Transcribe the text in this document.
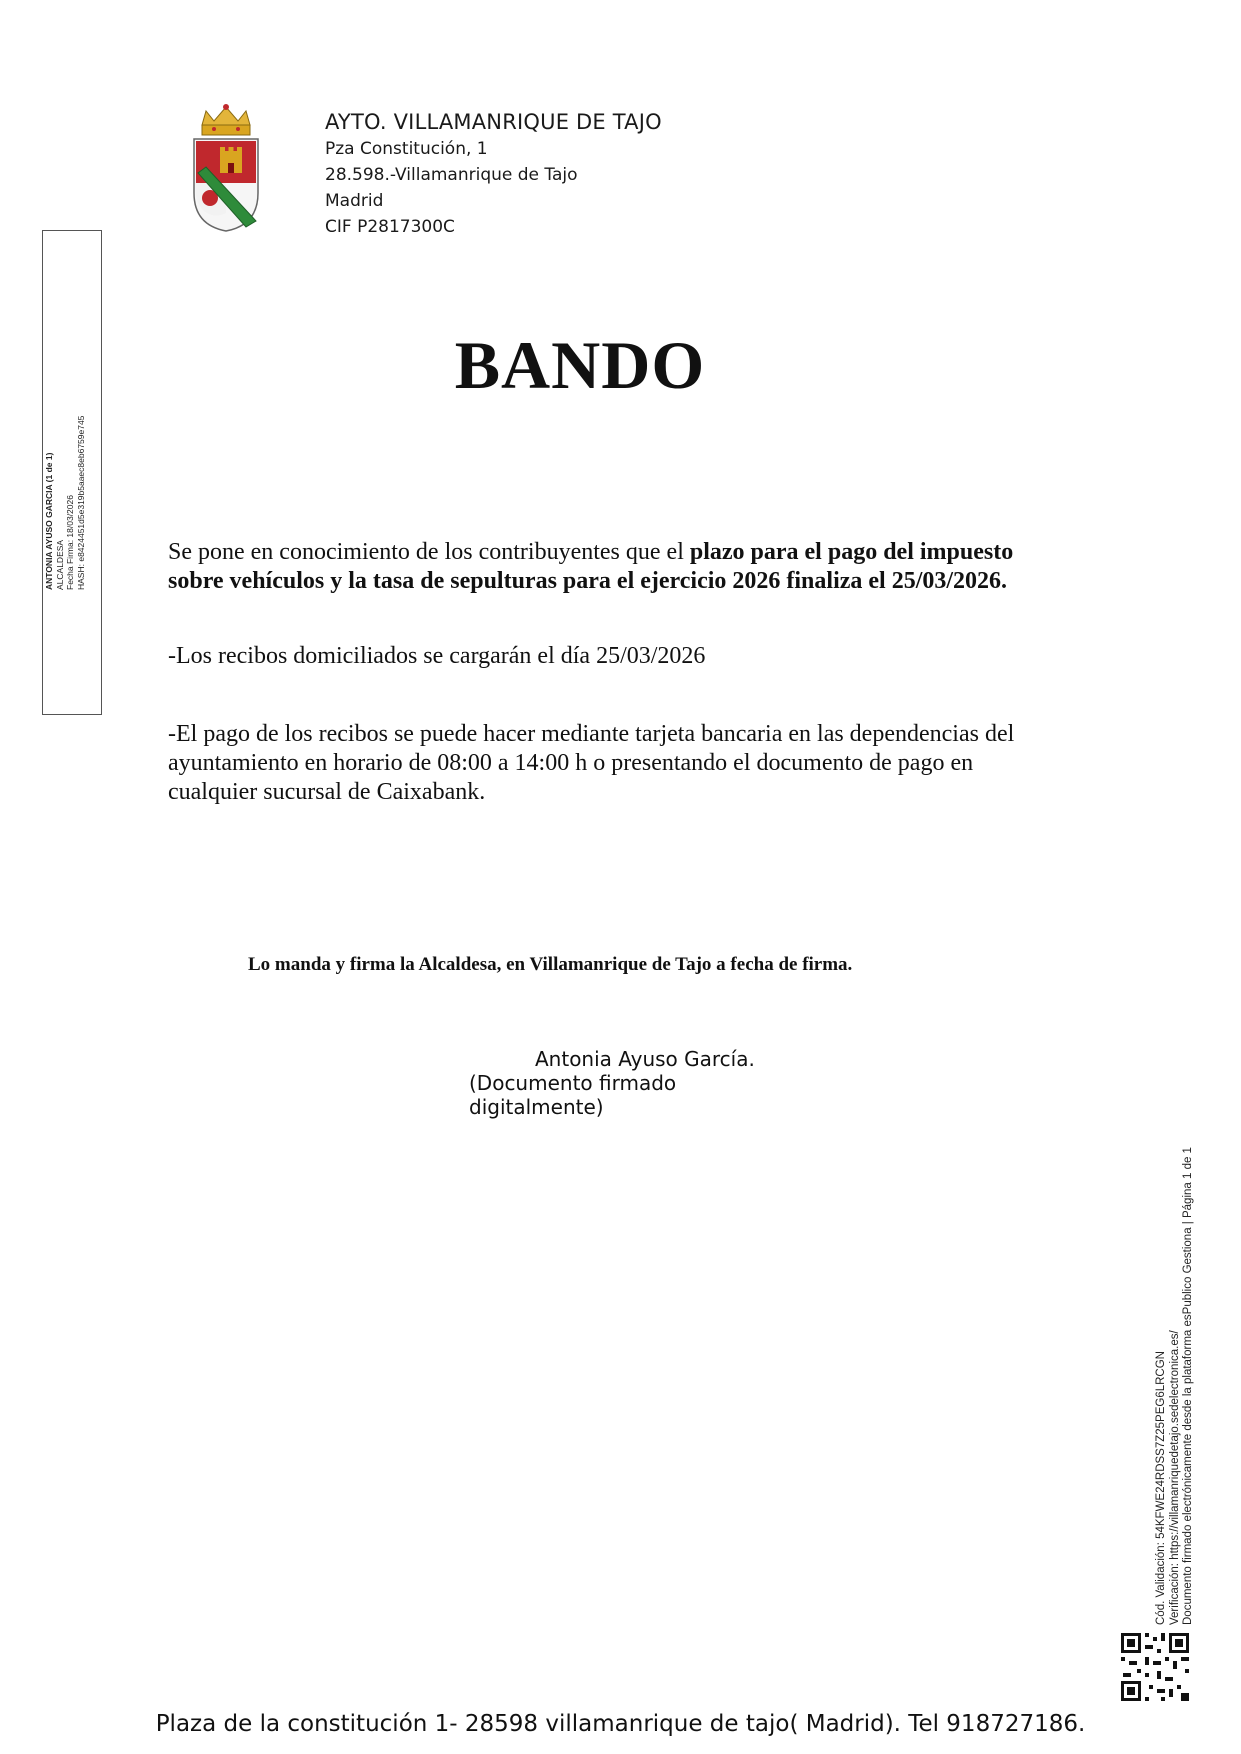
AYTO. VILLAMANRIQUE DE TAJO
Pza Constitución, 1
28.598.-Villamanrique de Tajo
Madrid
CIF P2817300C
ANTONIA AYUSO GARCIA (1 de 1) ALCALDESA Fecha Firma: 18/03/2026 HASH: e8424451d5e319b5aaec8eb6759e745
BANDO
Se pone en conocimiento de los contribuyentes que el plazo para el pago del impuesto sobre vehículos y la tasa de sepulturas para el ejercicio 2026 finaliza el 25/03/2026.
-Los recibos domiciliados se cargarán el día 25/03/2026
-El pago de los recibos se puede hacer mediante tarjeta bancaria en las dependencias del ayuntamiento en horario de 08:00 a 14:00 h o presentando el documento de pago en cualquier sucursal de Caixabank.
Lo manda y firma la Alcaldesa, en Villamanrique de Tajo a fecha de firma.
Antonia Ayuso García.
(Documento firmado digitalmente)
Cód. Validación: 54KFWE24RDSS7Z25PEG6LRCGN Verificación: https://villamanriquedetajo.sedelectronica.es/ Documento firmado electrónicamente desde la plataforma esPublico Gestiona | Página 1 de 1
Plaza de la constitución 1- 28598 villamanrique de tajo( Madrid). Tel 918727186.
